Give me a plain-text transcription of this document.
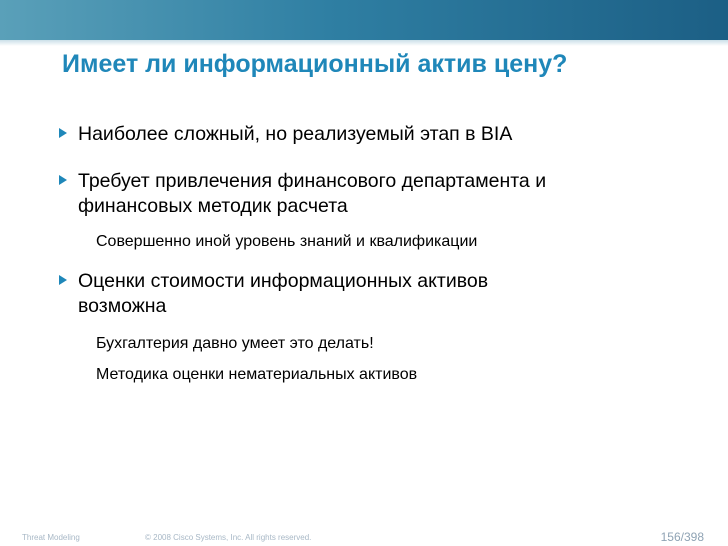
Имеет ли информационный актив цену?
Наиболее сложный, но реализуемый этап в BIA
Требует привлечения финансового департамента и
финансовых методик расчета
Совершенно иной уровень знаний и квалификации
Оценки стоимости информационных активов
возможна
Бухгалтерия давно умеет это делать!
Методика оценки нематериальных активов
Threat Modeling	© 2008 Cisco Systems, Inc. All rights reserved.	156/398
